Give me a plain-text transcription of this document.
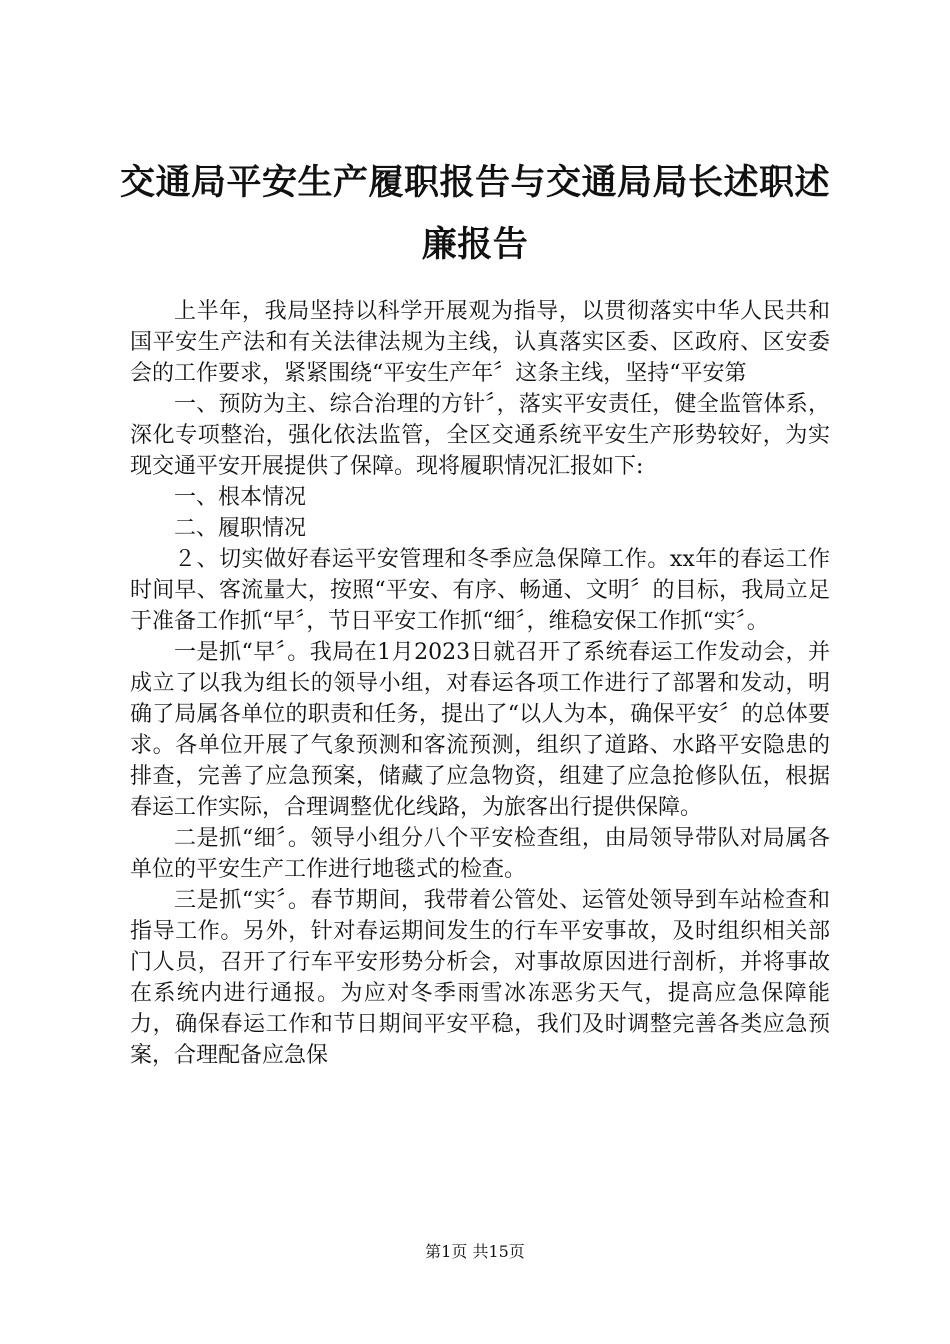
交通局平安生产履职报告与交通局局长述职述廉报告

上半年，我局坚持以科学开展观为指导，以贯彻落实中华人民共和国平安生产法和有关法律法规为主线，认真落实区委、区政府、区安委会的工作要求，紧紧围绕“平安生产年〞这条主线，坚持“平安第

一、预防为主、综合治理的方针〞，落实平安责任，健全监管体系，深化专项整治，强化依法监管，全区交通系统平安生产形势较好，为实现交通平安开展提供了保障。现将履职情况汇报如下:

一、根本情况

二、履职情况

２、切实做好春运平安管理和冬季应急保障工作。xx年的春运工作时间早、客流量大，按照“平安、有序、畅通、文明〞的目标，我局立足于准备工作抓“早〞，节日平安工作抓“细〞，维稳安保工作抓“实〞。

一是抓“早〞。我局在1月2023日就召开了系统春运工作发动会，并成立了以我为组长的领导小组，对春运各项工作进行了部署和发动，明确了局属各单位的职责和任务，提出了“以人为本，确保平安〞的总体要求。各单位开展了气象预测和客流预测，组织了道路、水路平安隐患的排查，完善了应急预案，储藏了应急物资，组建了应急抢修队伍，根据春运工作实际，合理调整优化线路，为旅客出行提供保障。

二是抓“细〞。领导小组分八个平安检查组，由局领导带队对局属各单位的平安生产工作进行地毯式的检查。

三是抓“实〞。春节期间，我带着公管处、运管处领导到车站检查和指导工作。另外，针对春运期间发生的行车平安事故，及时组织相关部门人员，召开了行车平安形势分析会，对事故原因进行剖析，并将事故在系统内进行通报。为应对冬季雨雪冰冻恶劣天气，提高应急保障能力，确保春运工作和节日期间平安平稳，我们及时调整完善各类应急预案，合理配备应急保

第1页 共15页
